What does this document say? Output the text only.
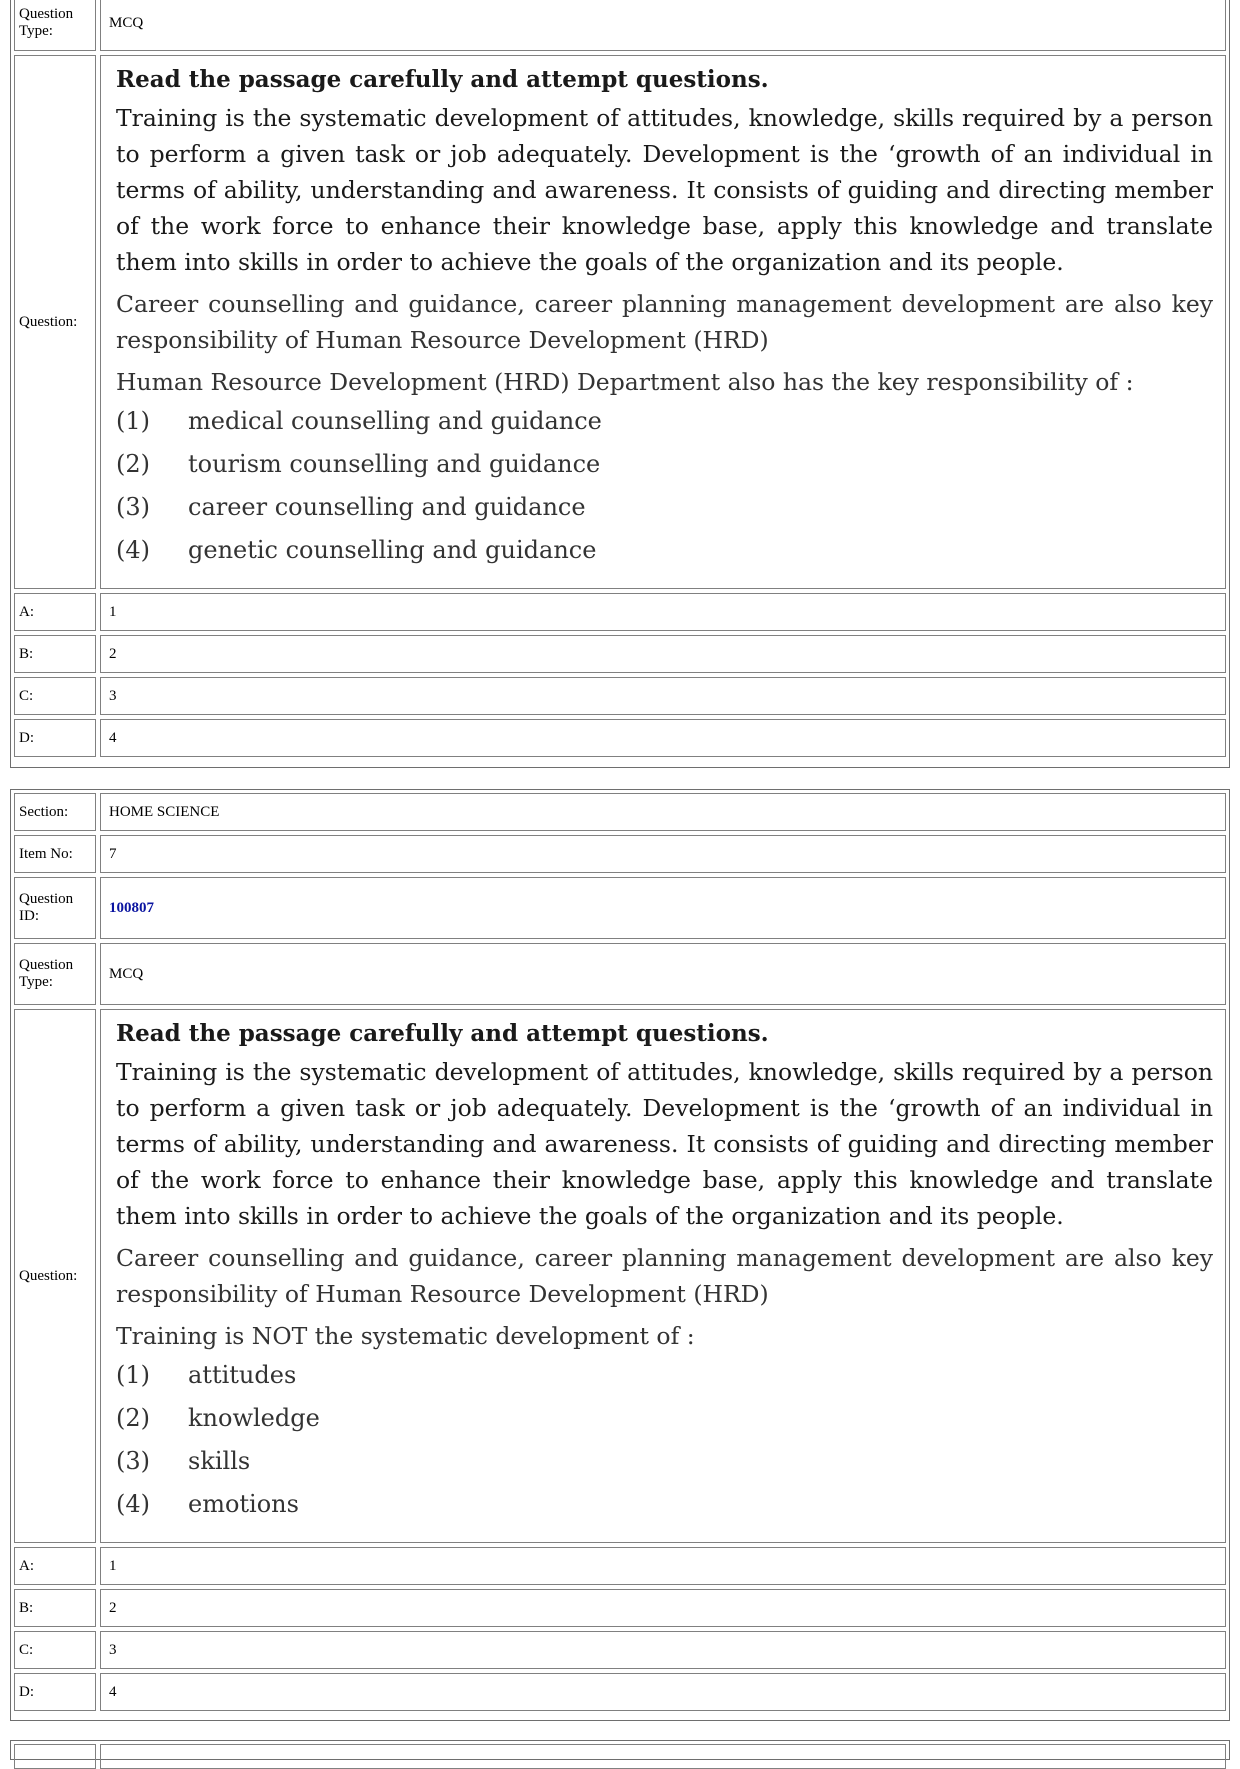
Question Type:
MCQ
Question:
Read the passage carefully and attempt questions.
Training is the systematic development of attitudes, knowledge, skills required by a person to perform a given task or job adequately. Development is the ‘growth of an individual in terms of ability, understanding and awareness. It consists of guiding and directing member of the work force to enhance their knowledge base, apply this knowledge and translate them into skills in order to achieve the goals of the organization and its people.
Career counselling and guidance, career planning management development are also key responsibility of Human Resource Development (HRD)
Human Resource Development (HRD) Department also has the key responsibility of :
(1) medical counselling and guidance
(2) tourism counselling and guidance
(3) career counselling and guidance
(4) genetic counselling and guidance
A:	1
B:	2
C:	3
D:	4
Section:	HOME SCIENCE
Item No:	7
Question ID:
100807
Question Type:
MCQ
Question:
Read the passage carefully and attempt questions.
Training is the systematic development of attitudes, knowledge, skills required by a person to perform a given task or job adequately. Development is the ‘growth of an individual in terms of ability, understanding and awareness. It consists of guiding and directing member of the work force to enhance their knowledge base, apply this knowledge and translate them into skills in order to achieve the goals of the organization and its people.
Career counselling and guidance, career planning management development are also key responsibility of Human Resource Development (HRD)
Training is NOT the systematic development of :
(1) attitudes
(2) knowledge
(3) skills
(4) emotions
A:	1
B:	2
C:	3
D:	4
